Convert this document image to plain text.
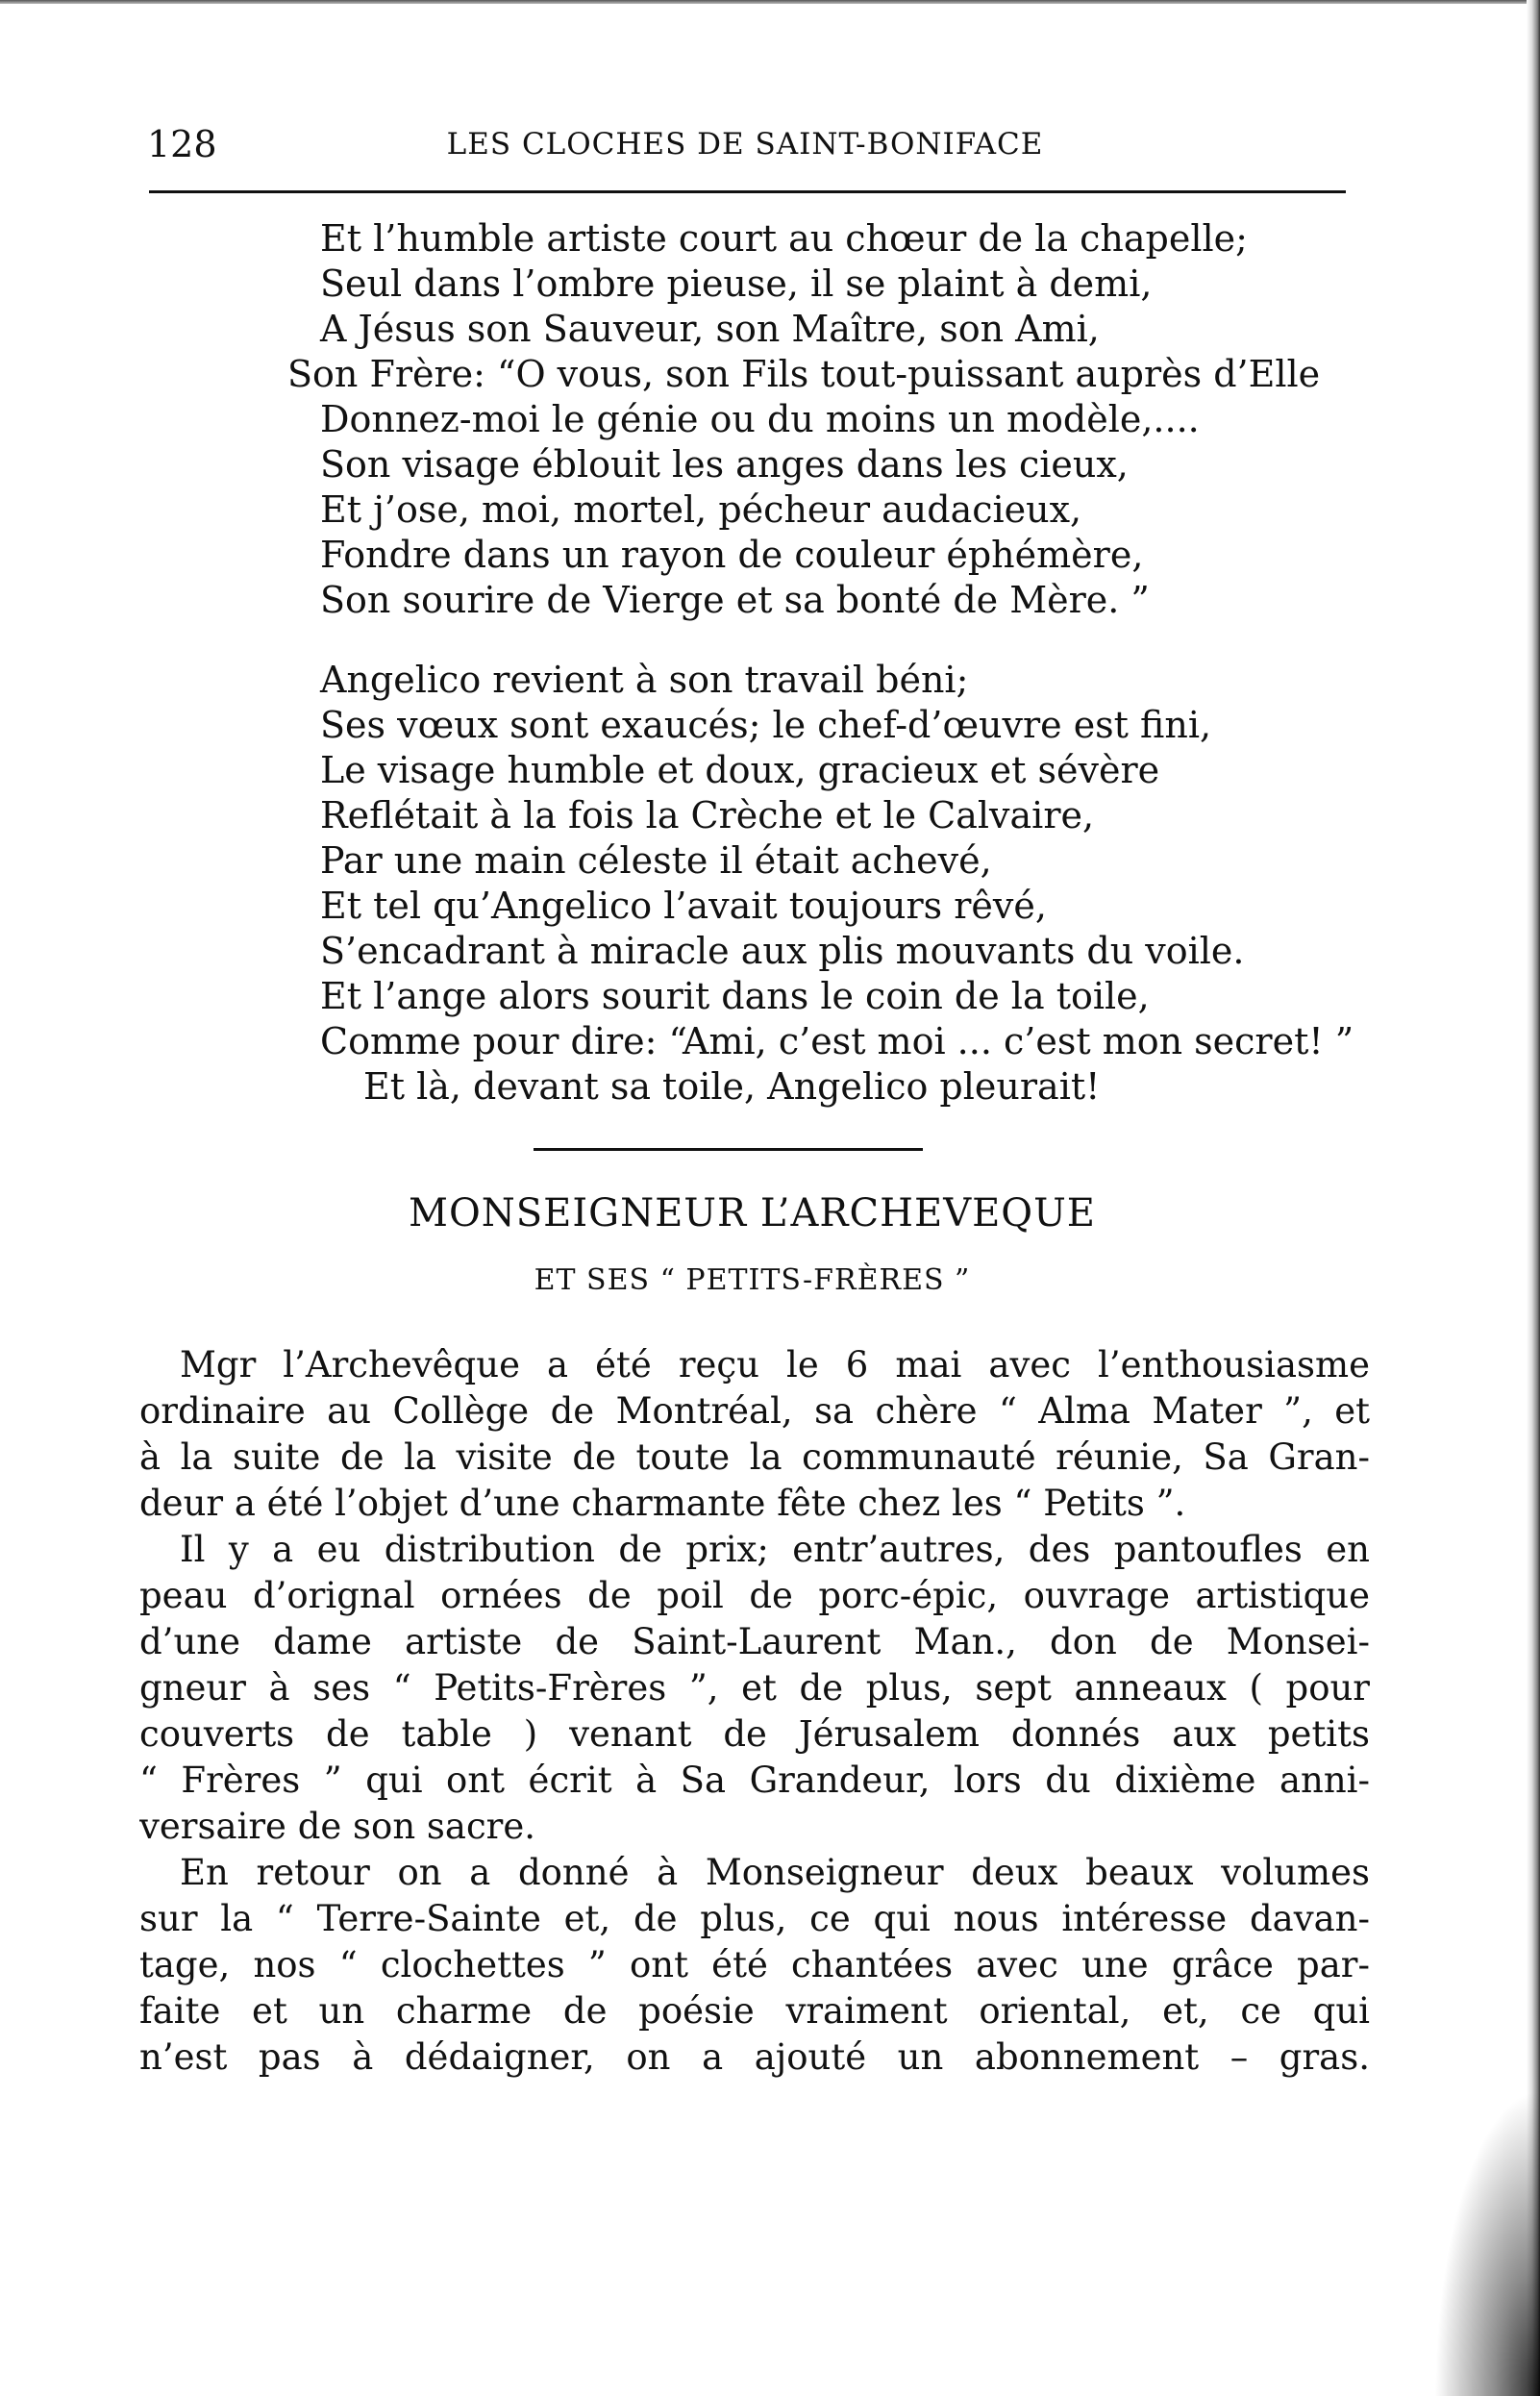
128	LES CLOCHES DE SAINT-BONIFACE
Et l’humble artiste court au chœur de la chapelle;
Seul dans l’ombre pieuse, il se plaint à demi,
A Jésus son Sauveur, son Maître, son Ami,
Son Frère: “O vous, son Fils tout-puissant auprès d’Elle
Donnez-moi le génie ou du moins un modèle,....
Son visage éblouit les anges dans les cieux,
Et j’ose, moi, mortel, pécheur audacieux,
Fondre dans un rayon de couleur éphémère,
Son sourire de Vierge et sa bonté de Mère. ”
Angelico revient à son travail béni;
Ses vœux sont exaucés; le chef-d’œuvre est fini,
Le visage humble et doux, gracieux et sévère
Reflétait à la fois la Crèche et le Calvaire,
Par une main céleste il était achevé,
Et tel qu’Angelico l’avait toujours rêvé,
S’encadrant à miracle aux plis mouvants du voile.
Et l’ange alors sourit dans le coin de la toile,
Comme pour dire: “Ami, c’est moi ... c’est mon secret! ”
Et là, devant sa toile, Angelico pleurait!
MONSEIGNEUR L’ARCHEVEQUE
ET SES “ PETITS-FRÈRES ”
Mgr l’Archevêque a été reçu le 6 mai avec l’enthousiasme
ordinaire au Collège de Montréal, sa chère “ Alma Mater ”, et
à la suite de la visite de toute la communauté réunie, Sa Gran-
deur a été l’objet d’une charmante fête chez les “ Petits ”.
Il y a eu distribution de prix; entr’autres, des pantoufles en
peau d’orignal ornées de poil de porc-épic, ouvrage artistique
d’une dame artiste de Saint-Laurent Man., don de Monsei-
gneur à ses “ Petits-Frères ”, et de plus, sept anneaux ( pour
couverts de table ) venant de Jérusalem donnés aux petits
“ Frères ” qui ont écrit à Sa Grandeur, lors du dixième anni-
versaire de son sacre.
En retour on a donné à Monseigneur deux beaux volumes
sur la “ Terre-Sainte et, de plus, ce qui nous intéresse davan-
tage, nos “ clochettes ” ont été chantées avec une grâce par-
faite et un charme de poésie vraiment oriental, et, ce qui
n’est pas à dédaigner, on a ajouté un abonnement – gras.
